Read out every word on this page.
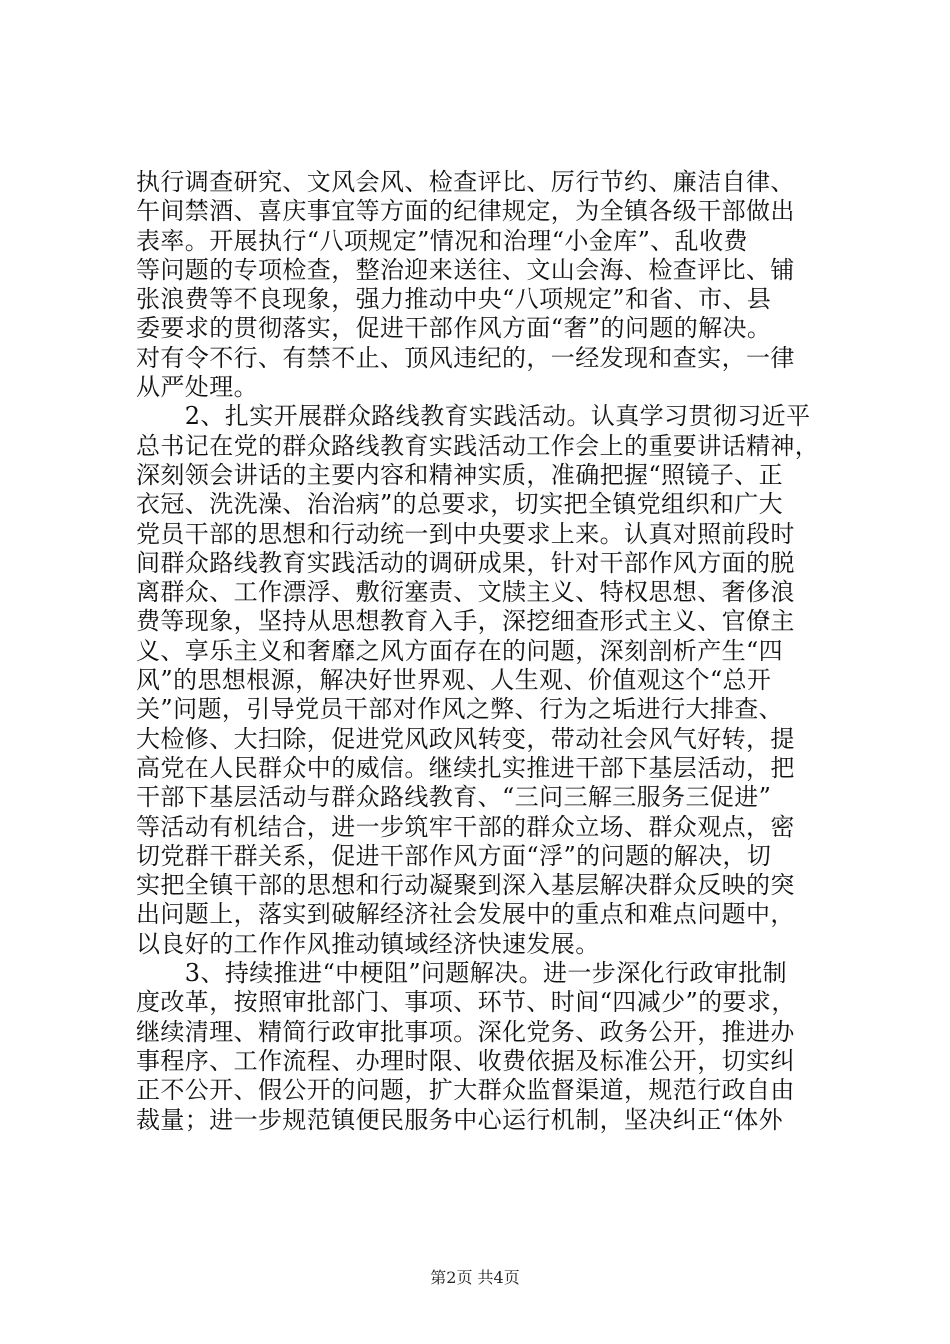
执行调查研究、文风会风、检查评比、厉行节约、廉洁自律、
午间禁酒、喜庆事宜等方面的纪律规定，为全镇各级干部做出
表率。开展执行“八项规定”情况和治理“小金库”、乱收费
等问题的专项检查，整治迎来送往、文山会海、检查评比、铺
张浪费等不良现象，强力推动中央“八项规定”和省、市、县
委要求的贯彻落实，促进干部作风方面“奢”的问题的解决。
对有令不行、有禁不止、顶风违纪的，一经发现和查实，一律
从严处理。
　　2、扎实开展群众路线教育实践活动。认真学习贯彻习近平
总书记在党的群众路线教育实践活动工作会上的重要讲话精神，
深刻领会讲话的主要内容和精神实质，准确把握“照镜子、正
衣冠、洗洗澡、治治病”的总要求，切实把全镇党组织和广大
党员干部的思想和行动统一到中央要求上来。认真对照前段时
间群众路线教育实践活动的调研成果，针对干部作风方面的脱
离群众、工作漂浮、敷衍塞责、文牍主义、特权思想、奢侈浪
费等现象，坚持从思想教育入手，深挖细查形式主义、官僚主
义、享乐主义和奢靡之风方面存在的问题，深刻剖析产生“四
风”的思想根源，解决好世界观、人生观、价值观这个“总开
关”问题，引导党员干部对作风之弊、行为之垢进行大排查、
大检修、大扫除，促进党风政风转变，带动社会风气好转，提
高党在人民群众中的威信。继续扎实推进干部下基层活动，把
干部下基层活动与群众路线教育、“三问三解三服务三促进”
等活动有机结合，进一步筑牢干部的群众立场、群众观点，密
切党群干群关系，促进干部作风方面“浮”的问题的解决，切
实把全镇干部的思想和行动凝聚到深入基层解决群众反映的突
出问题上，落实到破解经济社会发展中的重点和难点问题中，
以良好的工作作风推动镇域经济快速发展。
　　3、持续推进“中梗阻”问题解决。进一步深化行政审批制
度改革，按照审批部门、事项、环节、时间“四减少”的要求，
继续清理、精简行政审批事项。深化党务、政务公开，推进办
事程序、工作流程、办理时限、收费依据及标准公开，切实纠
正不公开、假公开的问题，扩大群众监督渠道，规范行政自由
裁量；进一步规范镇便民服务中心运行机制，坚决纠正“体外
第2页 共4页
